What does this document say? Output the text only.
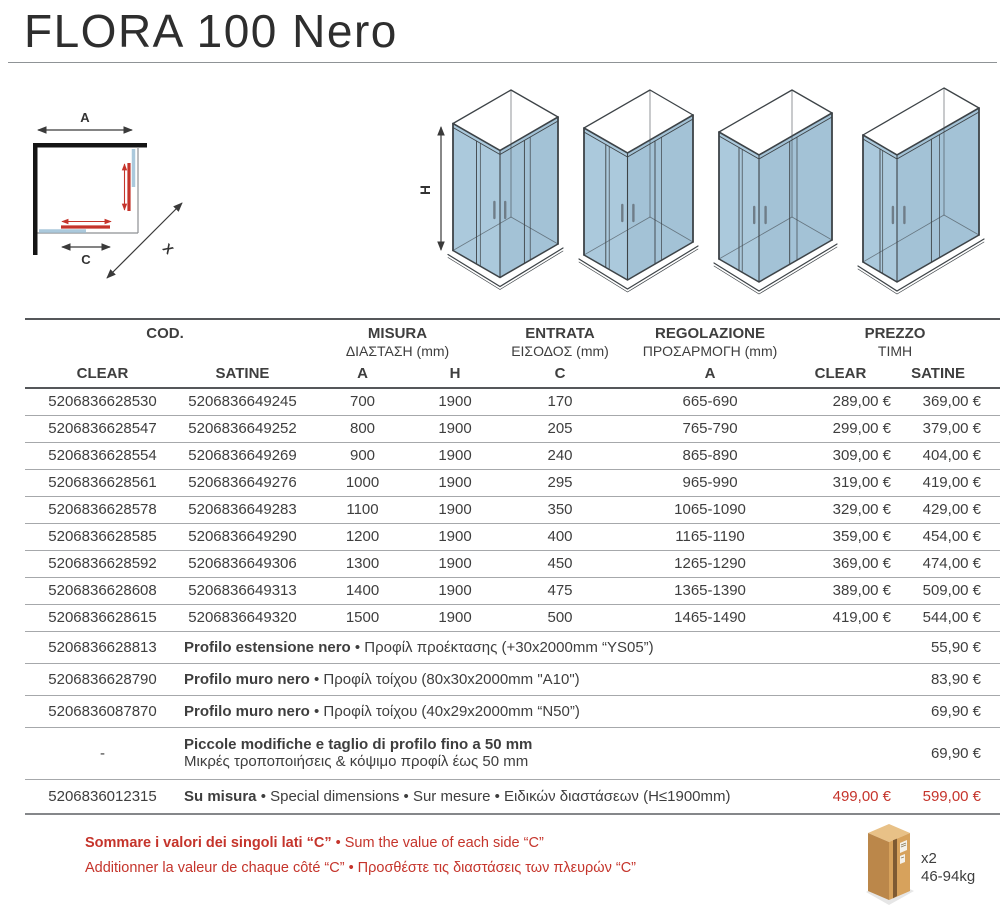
FLORA 100 Nero
A
C
X
H
COD.	MISURA
ΔΙΑΣΤΑΣΗ (mm)

ENTRATA
ΕΙΣΟΔΟΣ (mm)

REGOLAZIONE
ΠΡΟΣΑΡΜΟΓΗ (mm)

PREZZO
ΤΙΜΗ

CLEAR	SATINE	A	H	C	A	CLEAR	SATINE
5206836628530	5206836649245	700	1900	170	665-690	289,00 €	369,00 €
5206836628547	5206836649252	800	1900	205	765-790	299,00 €	379,00 €
5206836628554	5206836649269	900	1900	240	865-890	309,00 €	404,00 €
5206836628561	5206836649276	1000	1900	295	965-990	319,00 €	419,00 €
5206836628578	5206836649283	1100	1900	350	1065-1090	329,00 €	429,00 €
5206836628585	5206836649290	1200	1900	400	1165-1190	359,00 €	454,00 €
5206836628592	5206836649306	1300	1900	450	1265-1290	369,00 €	474,00 €
5206836628608	5206836649313	1400	1900	475	1365-1390	389,00 €	509,00 €
5206836628615	5206836649320	1500	1900	500	1465-1490	419,00 €	544,00 €
5206836628813	Profilo estensione nero • Προφίλ προέκτασης (+30x2000mm “YS05”)					55,90 €	
5206836628790	Profilo muro nero • Προφίλ τοίχου (80x30x2000mm "A10")					83,90 €	
5206836087870	Profilo muro nero • Προφίλ τοίχου (40x29x2000mm “N50”)					69,90 €	
-	Piccole modifiche e taglio di profilo fino a 50 mm
Μικρές τροποποιήσεις & κόψιμο προφίλ έως 50 mm					69,90 €	
5206836012315	Su misura • Special dimensions • Sur mesure • Ειδικών διαστάσεων (H≤1900mm)					499,00 €	599,00 €
Sommare i valori dei singoli lati “C” • Sum the value of each side “C”
Additionner la valeur de chaque côté “C” • Προσθέστε τις διαστάσεις των πλευρών “C”
x2
46-94kg
